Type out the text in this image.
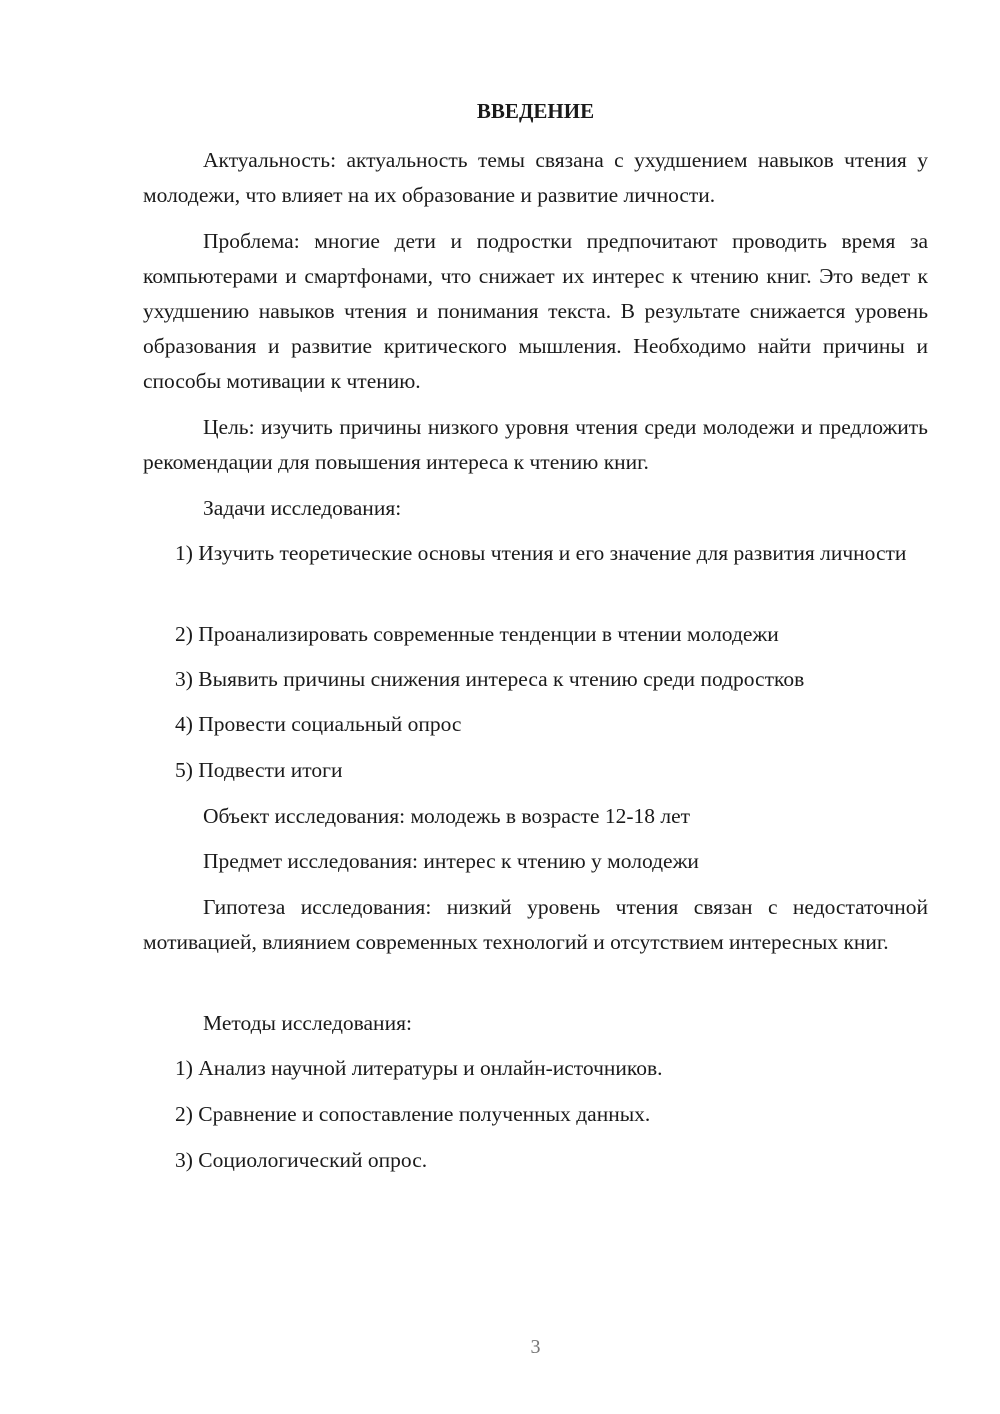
ВВЕДЕНИЕ

Актуальность: актуальность темы связана с ухудшением навыков чтения у молодежи, что влияет на их образование и развитие личности.

Проблема: многие дети и подростки предпочитают проводить время за компьютерами и смартфонами, что снижает их интерес к чтению книг. Это ведет к ухудшению навыков чтения и понимания текста. В результате снижается уровень образования и развитие критического мышления. Необходимо найти причины и способы мотивации к чтению.

Цель: изучить причины низкого уровня чтения среди молодежи и предложить рекомендации для повышения интереса к чтению книг.

Задачи исследования:

1) Изучить теоретические основы чтения и его значение для развития личности

2) Проанализировать современные тенденции в чтении молодежи

3) Выявить причины снижения интереса к чтению среди подростков

4) Провести социальный опрос

5) Подвести итоги

Объект исследования: молодежь в возрасте 12-18 лет

Предмет исследования: интерес к чтению у молодежи

Гипотеза исследования: низкий уровень чтения связан с недостаточной мотивацией, влиянием современных технологий и отсутствием интересных книг.

Методы исследования:

1) Анализ научной литературы и онлайн-источников.

2) Сравнение и сопоставление полученных данных.

3) Социологический опрос.

3
